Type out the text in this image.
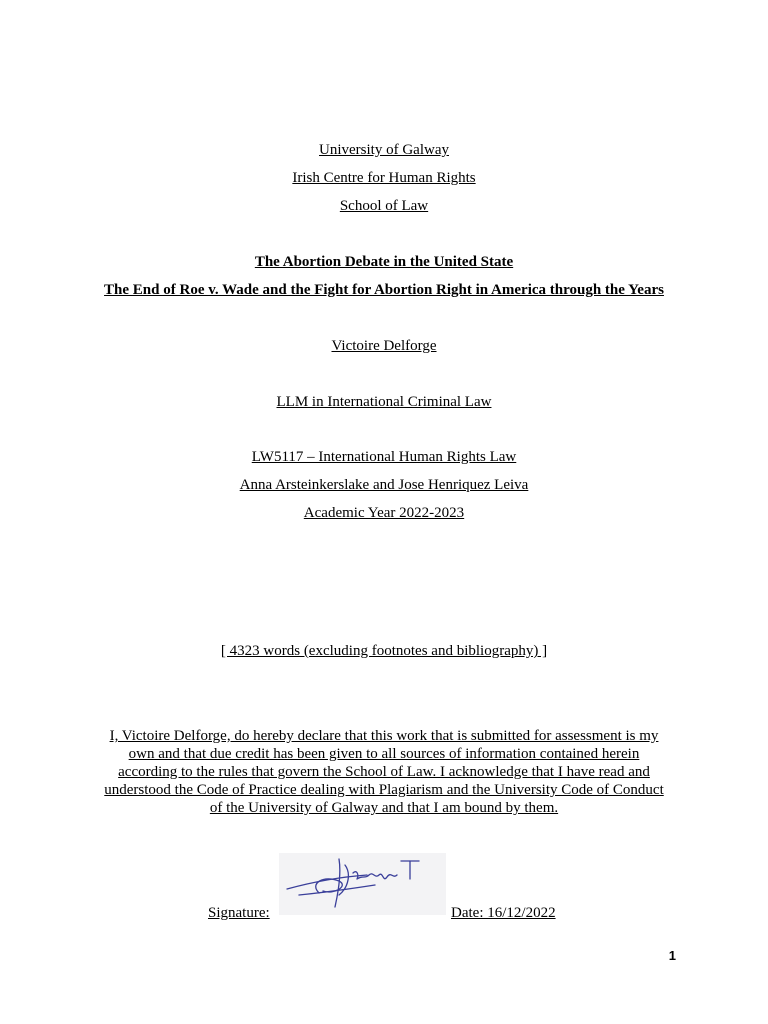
University of Galway
Irish Centre for Human Rights
School of Law
The Abortion Debate in the United State
The End of Roe v. Wade and the Fight for Abortion Right in America through the Years
Victoire Delforge
LLM in International Criminal Law
LW5117 – International Human Rights Law
Anna Arsteinkerslake and Jose Henriquez Leiva
Academic Year 2022-2023
[ 4323 words (excluding footnotes and bibliography) ]
I, Victoire Delforge, do hereby declare that this work that is submitted for assessment is my
own and that due credit has been given to all sources of information contained herein
according to the rules that govern the School of Law. I acknowledge that I have read and
understood the Code of Practice dealing with Plagiarism and the University Code of Conduct
of the University of Galway and that I am bound by them.
Signature:	Date: 16/12/2022
1
